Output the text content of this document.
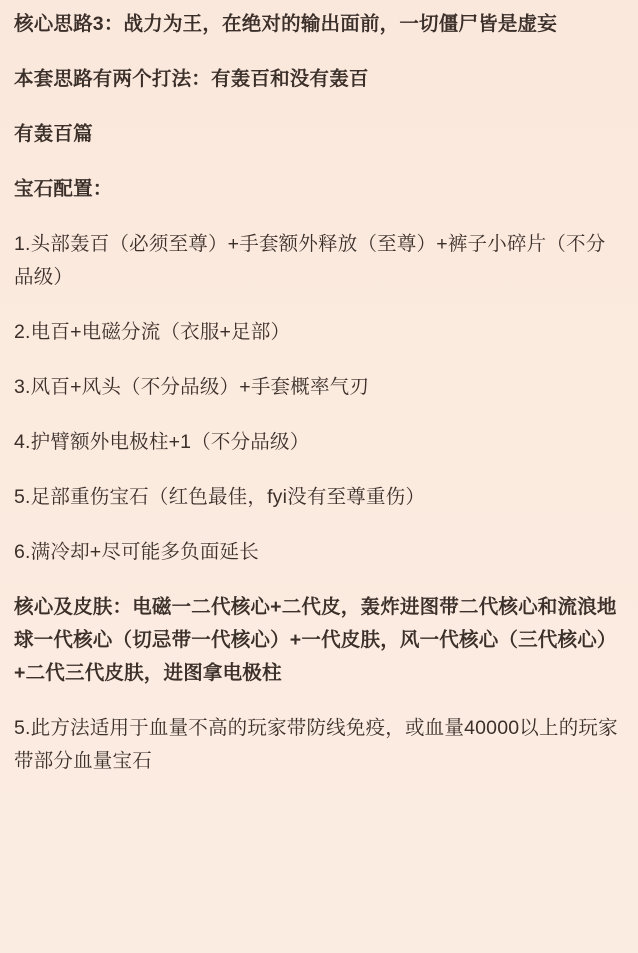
核心思路3：战力为王，在绝对的输出面前，一切僵尸皆是虚妄

本套思路有两个打法：有轰百和没有轰百

有轰百篇

宝石配置：

1.头部轰百（必须至尊）+手套额外释放（至尊）+裤子小碎片（不分品级）

2.电百+电磁分流（衣服+足部）

3.风百+风头（不分品级）+手套概率气刃

4.护臂额外电极柱+1（不分品级）

5.足部重伤宝石（红色最佳，fyi没有至尊重伤）

6.满冷却+尽可能多负面延长

核心及皮肤：电磁一二代核心+二代皮，轰炸进图带二代核心和流浪地球一代核心（切忌带一代核心）+一代皮肤，风一代核心（三代核心）+二代三代皮肤，进图拿电极柱

5.此方法适用于血量不高的玩家带防线免疫，或血量40000以上的玩家带部分血量宝石
